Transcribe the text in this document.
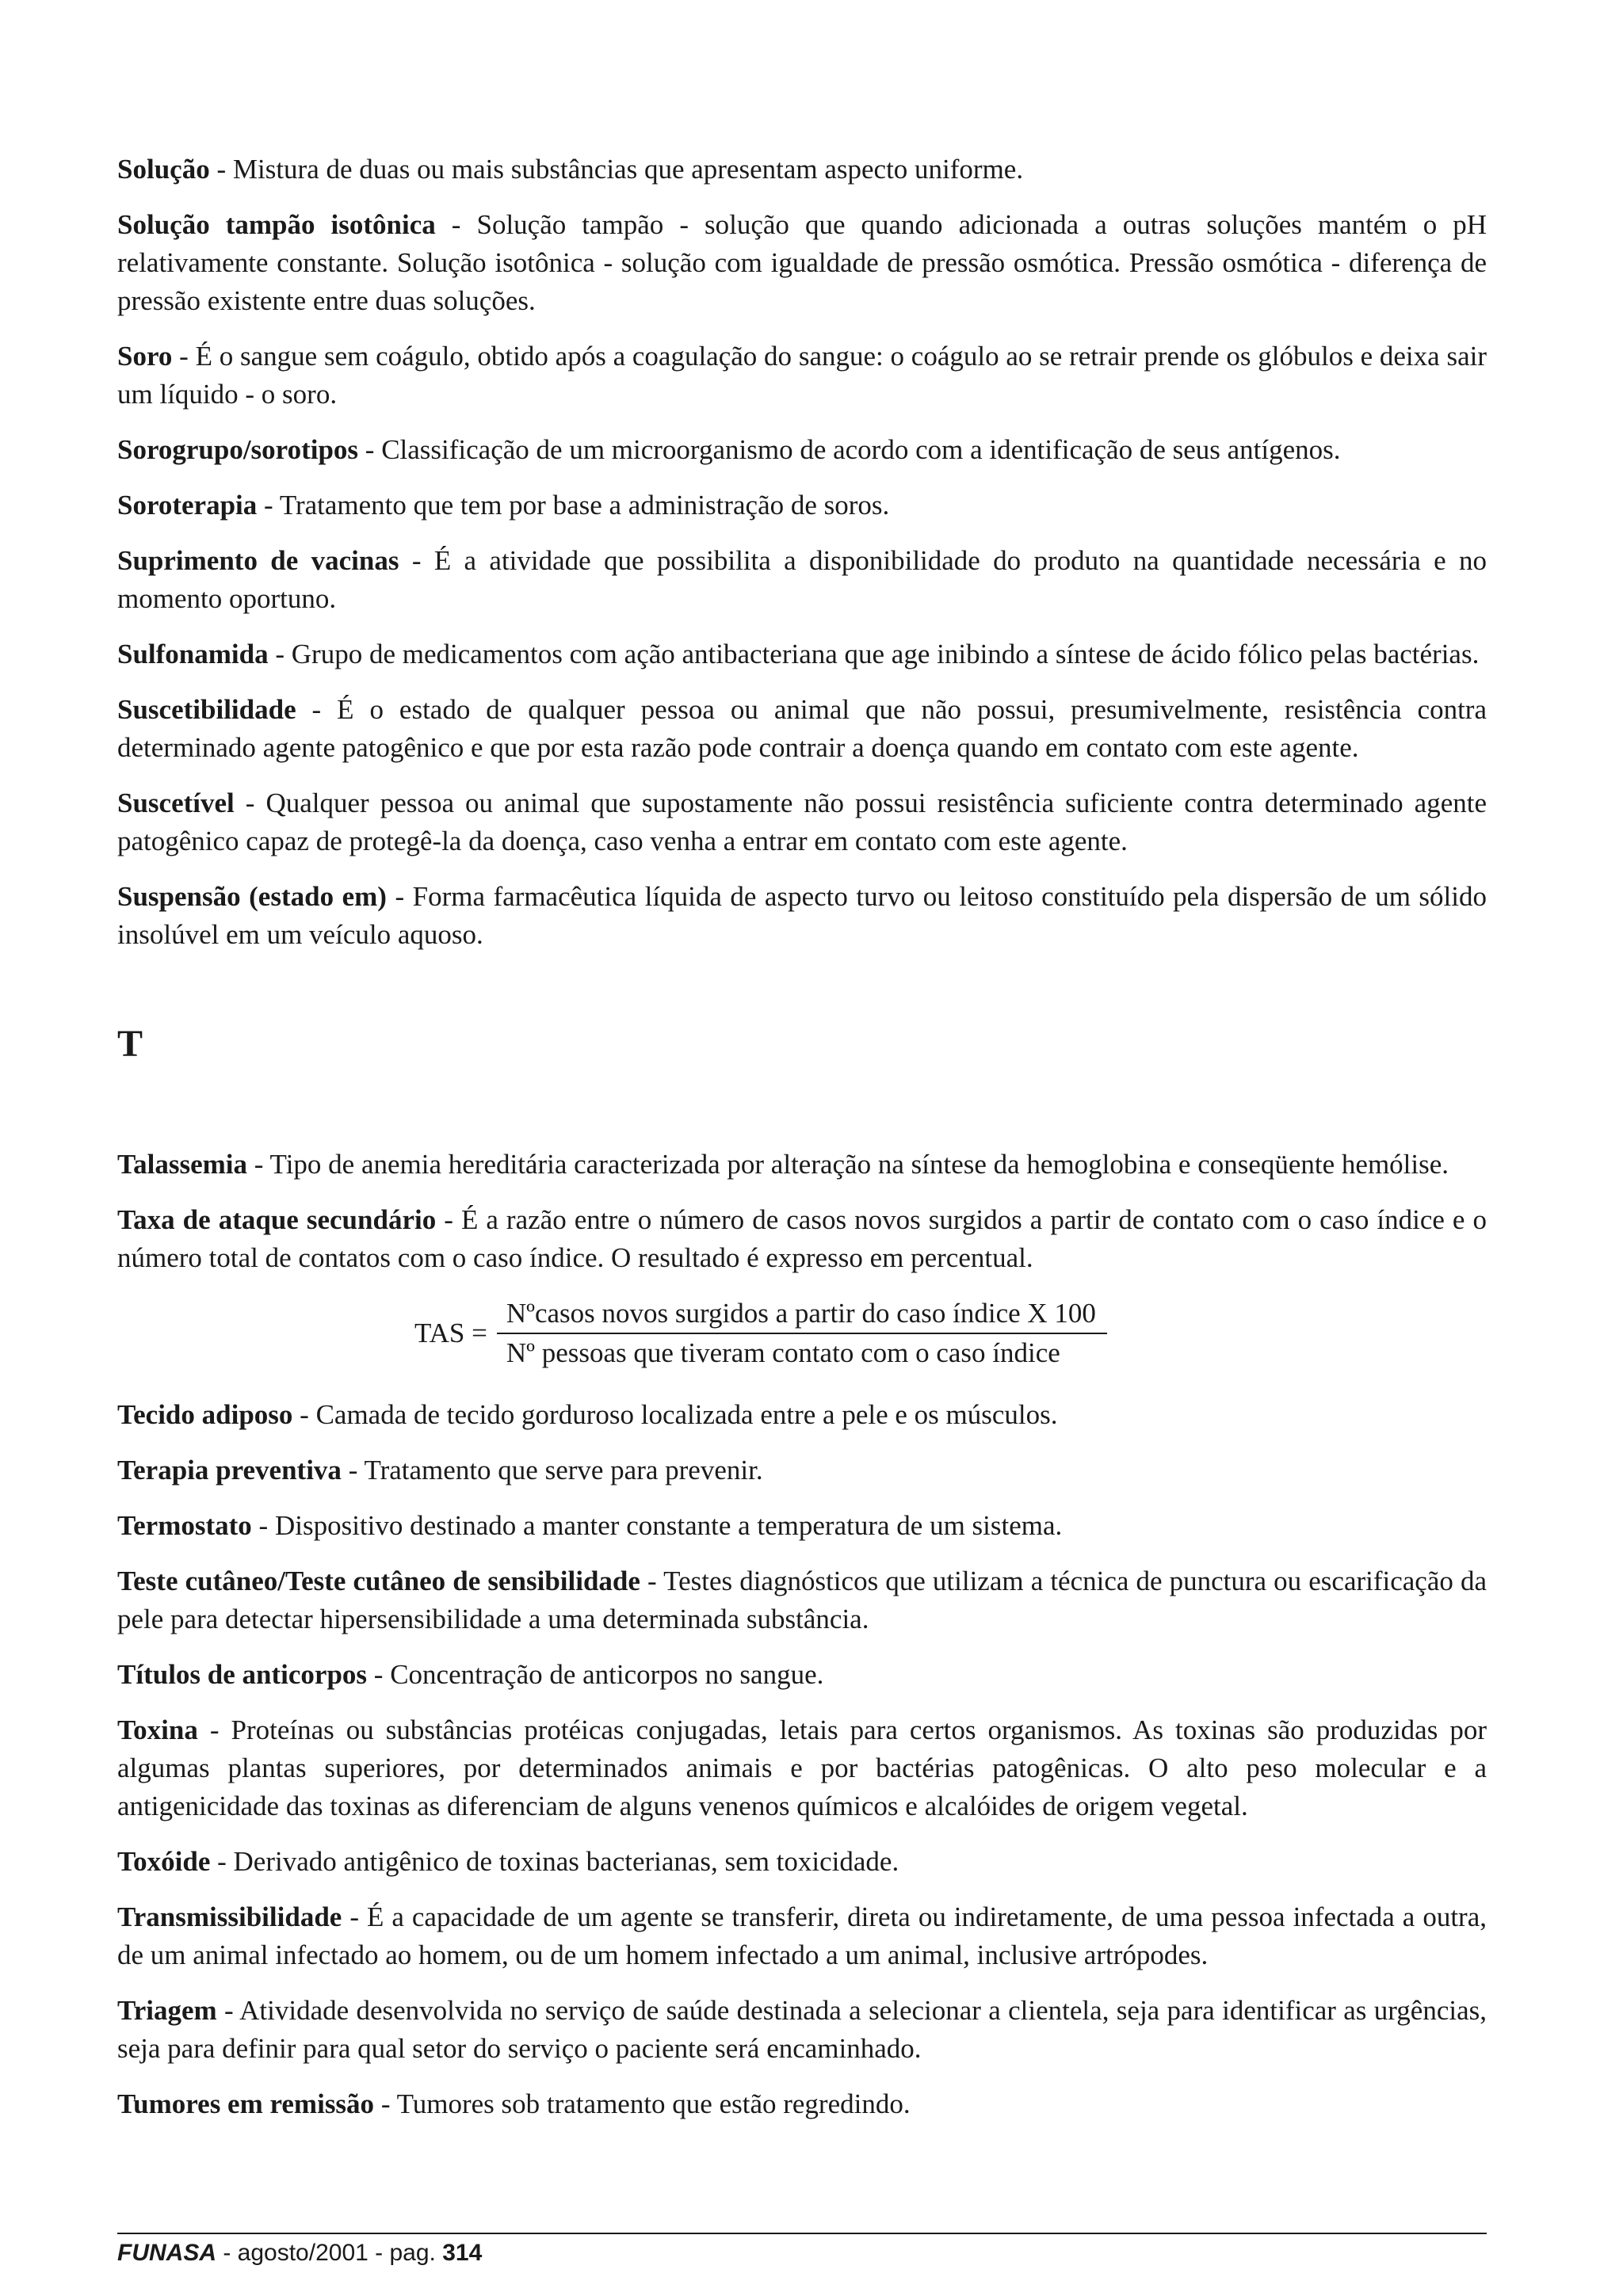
Solução - Mistura de duas ou mais substâncias que apresentam aspecto uniforme.

Solução tampão isotônica - Solução tampão - solução que quando adicionada a outras soluções mantém o pH relativamente constante. Solução isotônica - solução com igualdade de pressão osmótica. Pressão osmótica - diferença de pressão existente entre duas soluções.

Soro - É o sangue sem coágulo, obtido após a coagulação do sangue: o coágulo ao se retrair prende os glóbulos e deixa sair um líquido - o soro.

Sorogrupo/sorotipos - Classificação de um microorganismo de acordo com a identificação de seus antígenos.

Soroterapia - Tratamento que tem por base a administração de soros.

Suprimento de vacinas - É a atividade que possibilita a disponibilidade do produto na quantidade necessária e no momento oportuno.

Sulfonamida - Grupo de medicamentos com ação antibacteriana que age inibindo a síntese de ácido fólico pelas bactérias.

Suscetibilidade - É o estado de qualquer pessoa ou animal que não possui, presumivelmente, resistência contra determinado agente patogênico e que por esta razão pode contrair a doença quando em contato com este agente.

Suscetível - Qualquer pessoa ou animal que supostamente não possui resistência suficiente contra determinado agente patogênico capaz de protegê-la da doença, caso venha a entrar em contato com este agente.

Suspensão (estado em) - Forma farmacêutica líquida de aspecto turvo ou leitoso constituído pela dispersão de um sólido insolúvel em um veículo aquoso.

T

Talassemia - Tipo de anemia hereditária caracterizada por alteração na síntese da hemoglobina e conseqüente hemólise.

Taxa de ataque secundário - É a razão entre o número de casos novos surgidos a partir de contato com o caso índice e o número total de contatos com o caso índice. O resultado é expresso em percentual.

TAS = $\frac{\text{Nºcasos novos surgidos a partir do caso índice X 100}}{\text{Nº pessoas que tiveram contato com o caso índice}}$

Tecido adiposo - Camada de tecido gorduroso localizada entre a pele e os músculos.

Terapia preventiva - Tratamento que serve para prevenir.

Termostato - Dispositivo destinado a manter constante a temperatura de um sistema.

Teste cutâneo/Teste cutâneo de sensibilidade - Testes diagnósticos que utilizam a técnica de punctura ou escarificação da pele para detectar hipersensibilidade a uma determinada substância.

Títulos de anticorpos - Concentração de anticorpos no sangue.

Toxina - Proteínas ou substâncias protéicas conjugadas, letais para certos organismos. As toxinas são produzidas por algumas plantas superiores, por determinados animais e por bactérias patogênicas. O alto peso molecular e a antigenicidade das toxinas as diferenciam de alguns venenos químicos e alcalóides de origem vegetal.

Toxóide - Derivado antigênico de toxinas bacterianas, sem toxicidade.

Transmissibilidade - É a capacidade de um agente se transferir, direta ou indiretamente, de uma pessoa infectada a outra, de um animal infectado ao homem, ou de um homem infectado a um animal, inclusive artrópodes.

Triagem - Atividade desenvolvida no serviço de saúde destinada a selecionar a clientela, seja para identificar as urgências, seja para definir para qual setor do serviço o paciente será encaminhado.

Tumores em remissão - Tumores sob tratamento que estão regredindo.

FUNASA - agosto/2001 - pag. 314
